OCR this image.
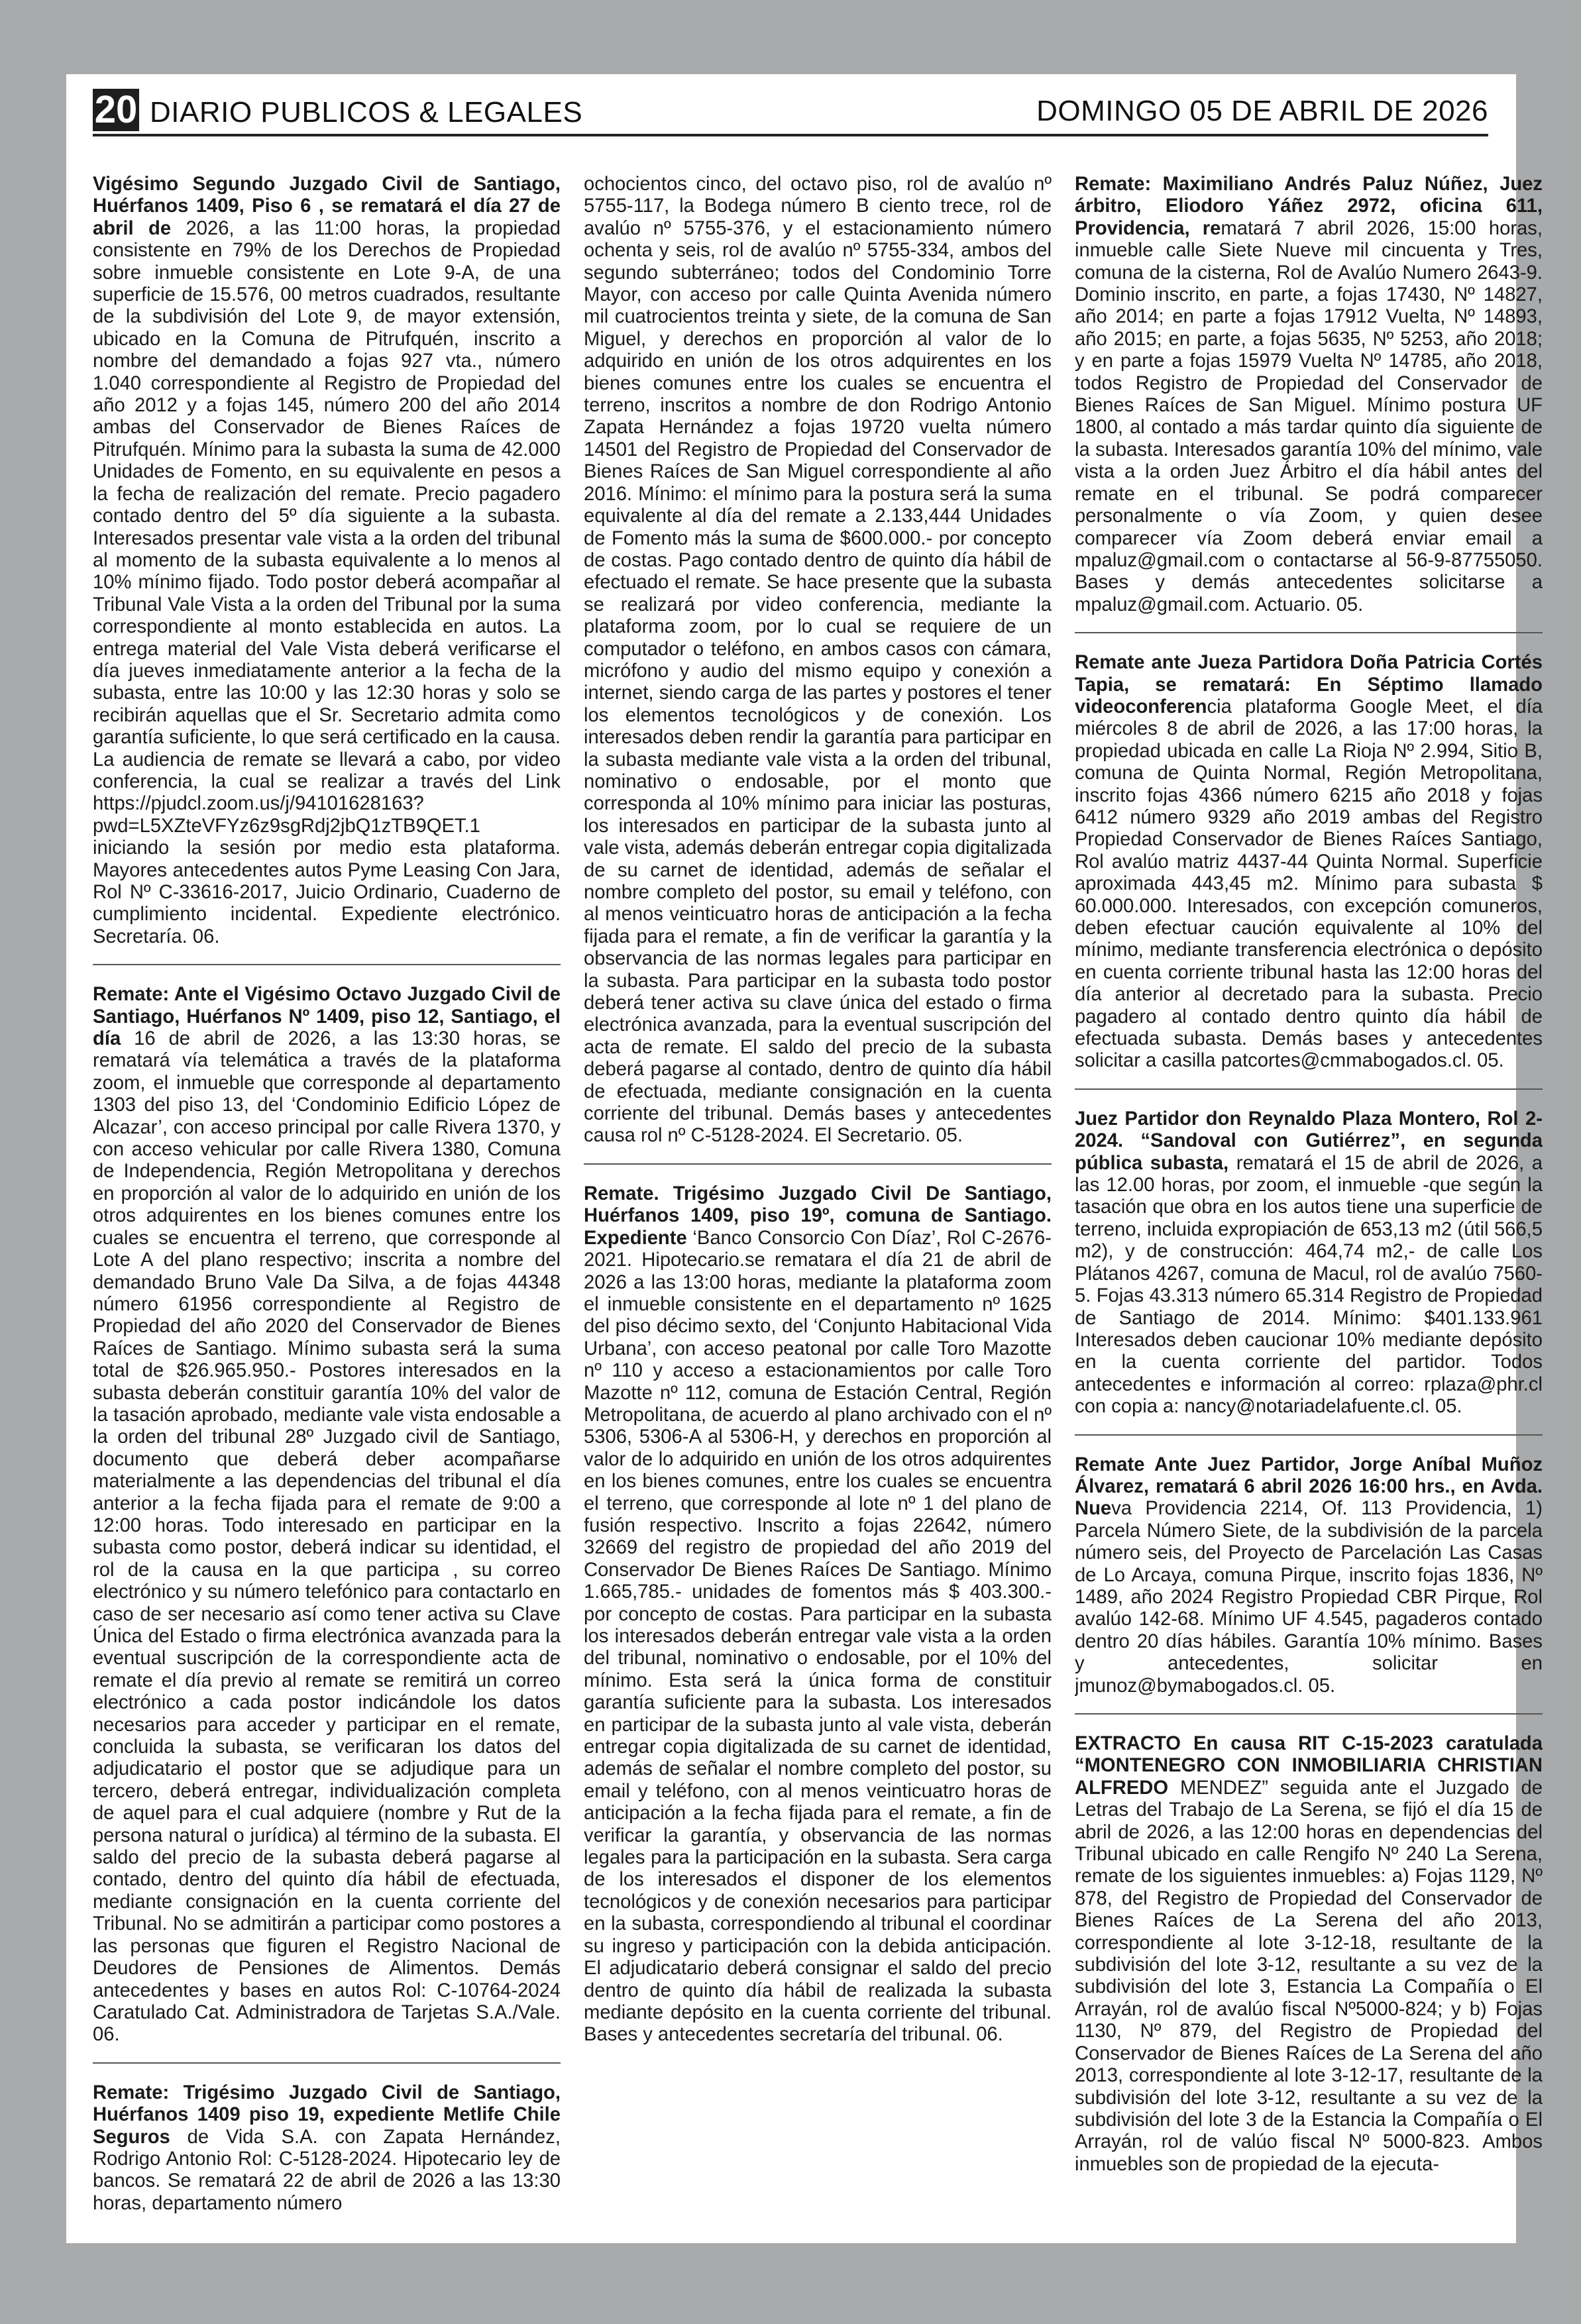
20 DIARIO PUBLICOS & LEGALES	DOMINGO 05 DE ABRIL DE 2026

Vigésimo Segundo Juzgado Civil de Santiago, Huérfanos 1409, Piso 6 , se rematará el día 27 de abril de 2026, a las 11:00 horas, la propiedad consistente en 79% de los Derechos de Propiedad sobre inmueble consistente en Lote 9-A, de una superficie de 15.576, 00 metros cuadrados, resultante de la subdivisión del Lote 9, de mayor extensión, ubicado en la Comuna de Pitrufquén, inscrito a nombre del demandado a fojas 927 vta., número 1.040 correspondiente al Registro de Propiedad del año 2012 y a fojas 145, número 200 del año 2014 ambas del Conservador de Bienes Raíces de Pitrufquén. Mínimo para la subasta la suma de 42.000 Unidades de Fomento, en su equivalente en pesos a la fecha de realización del remate. Precio pagadero contado dentro del 5º día siguiente a la subasta. Interesados presentar vale vista a la orden del tribunal al momento de la subasta equivalente a lo menos al 10% mínimo fijado. Todo postor deberá acompañar al Tribunal Vale Vista a la orden del Tribunal por la suma correspondiente al monto establecida en autos. La entrega material del Vale Vista deberá verificarse el día jueves inmediatamente anterior a la fecha de la subasta, entre las 10:00 y las 12:30 horas y solo se recibirán aquellas que el Sr. Secretario admita como garantía suficiente, lo que será certificado en la causa. La audiencia de remate se llevará a cabo, por video conferencia, la cual se realizar a través del Link https://pjudcl.zoom.us/j/94101628163?pwd=L5XZteVFYz6z9sgRdj2jbQ1zTB9QET.1 iniciando la sesión por medio esta plataforma. Mayores antecedentes autos Pyme Leasing Con Jara, Rol Nº C-33616-2017, Juicio Ordinario, Cuaderno de cumplimiento incidental. Expediente electrónico. Secretaría. 06.

Remate: Ante el Vigésimo Octavo Juzgado Civil de Santiago, Huérfanos Nº 1409, piso 12, Santiago, el día 16 de abril de 2026, a las 13:30 horas, se rematará vía telemática a través de la plataforma zoom, el inmueble que corresponde al departamento 1303 del piso 13, del ‘Condominio Edificio López de Alcazar’, con acceso principal por calle Rivera 1370, y con acceso vehicular por calle Rivera 1380, Comuna de Independencia, Región Metropolitana y derechos en proporción al valor de lo adquirido en unión de los otros adquirentes en los bienes comunes entre los cuales se encuentra el terreno, que corresponde al Lote A del plano respectivo; inscrita a nombre del demandado Bruno Vale Da Silva, a de fojas 44348 número 61956 correspondiente al Registro de Propiedad del año 2020 del Conservador de Bienes Raíces de Santiago. Mínimo subasta será la suma total de $26.965.950.- Postores interesados en la subasta deberán constituir garantía 10% del valor de la tasación aprobado, mediante vale vista endosable a la orden del tribunal 28º Juzgado civil de Santiago, documento que deberá deber acompañarse materialmente a las dependencias del tribunal el día anterior a la fecha fijada para el remate de 9:00 a 12:00 horas. Todo interesado en participar en la subasta como postor, deberá indicar su identidad, el rol de la causa en la que participa , su correo electrónico y su número telefónico para contactarlo en caso de ser necesario así como tener activa su Clave Única del Estado o firma electrónica avanzada para la eventual suscripción de la correspondiente acta de remate el día previo al remate se remitirá un correo electrónico a cada postor indicándole los datos necesarios para acceder y participar en el remate, concluida la subasta, se verificaran los datos del adjudicatario el postor que se adjudique para un tercero, deberá entregar, individualización completa de aquel para el cual adquiere (nombre y Rut de la persona natural o jurídica) al término de la subasta. El saldo del precio de la subasta deberá pagarse al contado, dentro del quinto día hábil de efectuada, mediante consignación en la cuenta corriente del Tribunal. No se admitirán a participar como postores a las personas que figuren el Registro Nacional de Deudores de Pensiones de Alimentos. Demás antecedentes y bases en autos Rol: C-10764-2024 Caratulado Cat. Administradora de Tarjetas S.A./Vale. 06.

Remate: Trigésimo Juzgado Civil de Santiago, Huérfanos 1409 piso 19, expediente Metlife Chile Seguros de Vida S.A. con Zapata Hernández, Rodrigo Antonio Rol: C-5128-2024. Hipotecario ley de bancos. Se rematará 22 de abril de 2026 a las 13:30 horas, departamento número

ochocientos cinco, del octavo piso, rol de avalúo nº 5755-117, la Bodega número B ciento trece, rol de avalúo nº 5755-376, y el estacionamiento número ochenta y seis, rol de avalúo nº 5755-334, ambos del segundo subterráneo; todos del Condominio Torre Mayor, con acceso por calle Quinta Avenida número mil cuatrocientos treinta y siete, de la comuna de San Miguel, y derechos en proporción al valor de lo adquirido en unión de los otros adquirentes en los bienes comunes entre los cuales se encuentra el terreno, inscritos a nombre de don Rodrigo Antonio Zapata Hernández a fojas 19720 vuelta número 14501 del Registro de Propiedad del Conservador de Bienes Raíces de San Miguel correspondiente al año 2016. Mínimo: el mínimo para la postura será la suma equivalente al día del remate a 2.133,444 Unidades de Fomento más la suma de $600.000.- por concepto de costas. Pago contado dentro de quinto día hábil de efectuado el remate. Se hace presente que la subasta se realizará por video conferencia, mediante la plataforma zoom, por lo cual se requiere de un computador o teléfono, en ambos casos con cámara, micrófono y audio del mismo equipo y conexión a internet, siendo carga de las partes y postores el tener los elementos tecnológicos y de conexión. Los interesados deben rendir la garantía para participar en la subasta mediante vale vista a la orden del tribunal, nominativo o endosable, por el monto que corresponda al 10% mínimo para iniciar las posturas, los interesados en participar de la subasta junto al vale vista, además deberán entregar copia digitalizada de su carnet de identidad, además de señalar el nombre completo del postor, su email y teléfono, con al menos veinticuatro horas de anticipación a la fecha fijada para el remate, a fin de verificar la garantía y la observancia de las normas legales para participar en la subasta. Para participar en la subasta todo postor deberá tener activa su clave única del estado o firma electrónica avanzada, para la eventual suscripción del acta de remate. El saldo del precio de la subasta deberá pagarse al contado, dentro de quinto día hábil de efectuada, mediante consignación en la cuenta corriente del tribunal. Demás bases y antecedentes causa rol nº C-5128-2024. El Secretario. 05.

Remate. Trigésimo Juzgado Civil De Santiago, Huérfanos 1409, piso 19º, comuna de Santiago. Expediente ‘Banco Consorcio Con Díaz’, Rol C-2676-2021. Hipotecario.se rematara el día 21 de abril de 2026 a las 13:00 horas, mediante la plataforma zoom el inmueble consistente en el departamento nº 1625 del piso décimo sexto, del ‘Conjunto Habitacional Vida Urbana’, con acceso peatonal por calle Toro Mazotte nº 110 y acceso a estacionamientos por calle Toro Mazotte nº 112, comuna de Estación Central, Región Metropolitana, de acuerdo al plano archivado con el nº 5306, 5306-A al 5306-H, y derechos en proporción al valor de lo adquirido en unión de los otros adquirentes en los bienes comunes, entre los cuales se encuentra el terreno, que corresponde al lote nº 1 del plano de fusión respectivo. Inscrito a fojas 22642, número 32669 del registro de propiedad del año 2019 del Conservador De Bienes Raíces De Santiago. Mínimo 1.665,785.- unidades de fomentos más $ 403.300.- por concepto de costas. Para participar en la subasta los interesados deberán entregar vale vista a la orden del tribunal, nominativo o endosable, por el 10% del mínimo. Esta será la única forma de constituir garantía suficiente para la subasta. Los interesados en participar de la subasta junto al vale vista, deberán entregar copia digitalizada de su carnet de identidad, además de señalar el nombre completo del postor, su email y teléfono, con al menos veinticuatro horas de anticipación a la fecha fijada para el remate, a fin de verificar la garantía, y observancia de las normas legales para la participación en la subasta. Sera carga de los interesados el disponer de los elementos tecnológicos y de conexión necesarios para participar en la subasta, correspondiendo al tribunal el coordinar su ingreso y participación con la debida anticipación. El adjudicatario deberá consignar el saldo del precio dentro de quinto día hábil de realizada la subasta mediante depósito en la cuenta corriente del tribunal. Bases y antecedentes secretaría del tribunal. 06.

Remate: Maximiliano Andrés Paluz Núñez, Juez árbitro, Eliodoro Yáñez 2972, oficina 611, Providencia, rematará 7 abril 2026, 15:00 horas, inmueble calle Siete Nueve mil cincuenta y Tres, comuna de la cisterna, Rol de Avalúo Numero 2643-9. Dominio inscrito, en parte, a fojas 17430, Nº 14827, año 2014; en parte a fojas 17912 Vuelta, Nº 14893, año 2015; en parte, a fojas 5635, Nº 5253, año 2018; y en parte a fojas 15979 Vuelta Nº 14785, año 2018, todos Registro de Propiedad del Conservador de Bienes Raíces de San Miguel. Mínimo postura UF 1800, al contado a más tardar quinto día siguiente de la subasta. Interesados garantía 10% del mínimo, vale vista a la orden Juez Árbitro el día hábil antes del remate en el tribunal. Se podrá comparecer personalmente o vía Zoom, y quien desee comparecer vía Zoom deberá enviar email a mpaluz@gmail.com o contactarse al 56-9-87755050. Bases y demás antecedentes solicitarse a mpaluz@gmail.com. Actuario. 05.

Remate ante Jueza Partidora Doña Patricia Cortés Tapia, se rematará: En Séptimo llamado videoconferencia plataforma Google Meet, el día miércoles 8 de abril de 2026, a las 17:00 horas, la propiedad ubicada en calle La Rioja Nº 2.994, Sitio B, comuna de Quinta Normal, Región Metropolitana, inscrito fojas 4366 número 6215 año 2018 y fojas 6412 número 9329 año 2019 ambas del Registro Propiedad Conservador de Bienes Raíces Santiago, Rol avalúo matriz 4437-44 Quinta Normal. Superficie aproximada 443,45 m2. Mínimo para subasta $ 60.000.000. Interesados, con excepción comuneros, deben efectuar caución equivalente al 10% del mínimo, mediante transferencia electrónica o depósito en cuenta corriente tribunal hasta las 12:00 horas del día anterior al decretado para la subasta. Precio pagadero al contado dentro quinto día hábil de efectuada subasta. Demás bases y antecedentes solicitar a casilla patcortes@cmmabogados.cl. 05.

Juez Partidor don Reynaldo Plaza Montero, Rol 2-2024. “Sandoval con Gutiérrez”, en segunda pública subasta, rematará el 15 de abril de 2026, a las 12.00 horas, por zoom, el inmueble -que según la tasación que obra en los autos tiene una superficie de terreno, incluida expropiación de 653,13 m2 (útil 566,5 m2), y de construcción: 464,74 m2,- de calle Los Plátanos 4267, comuna de Macul, rol de avalúo 7560-5. Fojas 43.313 número 65.314 Registro de Propiedad de Santiago de 2014. Mínimo: $401.133.961 Interesados deben caucionar 10% mediante depósito en la cuenta corriente del partidor. Todos antecedentes e información al correo: rplaza@phr.cl con copia a: nancy@notariadelafuente.cl. 05.

Remate Ante Juez Partidor, Jorge Aníbal Muñoz Álvarez, rematará 6 abril 2026 16:00 hrs., en Avda. Nueva Providencia 2214, Of. 113 Providencia, 1) Parcela Número Siete, de la subdivisión de la parcela número seis, del Proyecto de Parcelación Las Casas de Lo Arcaya, comuna Pirque, inscrito fojas 1836, Nº 1489, año 2024 Registro Propiedad CBR Pirque, Rol avalúo 142-68. Mínimo UF 4.545, pagaderos contado dentro 20 días hábiles. Garantía 10% mínimo. Bases y antecedentes, solicitar en jmunoz@bymabogados.cl. 05.

EXTRACTO En causa RIT C-15-2023 caratulada “MONTENEGRO CON INMOBILIARIA CHRISTIAN ALFREDO MENDEZ” seguida ante el Juzgado de Letras del Trabajo de La Serena, se fijó el día 15 de abril de 2026, a las 12:00 horas en dependencias del Tribunal ubicado en calle Rengifo Nº 240 La Serena, remate de los siguientes inmuebles: a) Fojas 1129, Nº 878, del Registro de Propiedad del Conservador de Bienes Raíces de La Serena del año 2013, correspondiente al lote 3-12-18, resultante de la subdivisión del lote 3-12, resultante a su vez de la subdivisión del lote 3, Estancia La Compañía o El Arrayán, rol de avalúo fiscal Nº5000-824; y b) Fojas 1130, Nº 879, del Registro de Propiedad del Conservador de Bienes Raíces de La Serena del año 2013, correspondiente al lote 3-12-17, resultante de la subdivisión del lote 3-12, resultante a su vez de la subdivisión del lote 3 de la Estancia la Compañía o El Arrayán, rol de valúo fiscal Nº 5000-823. Ambos inmuebles son de propiedad de la ejecuta-
